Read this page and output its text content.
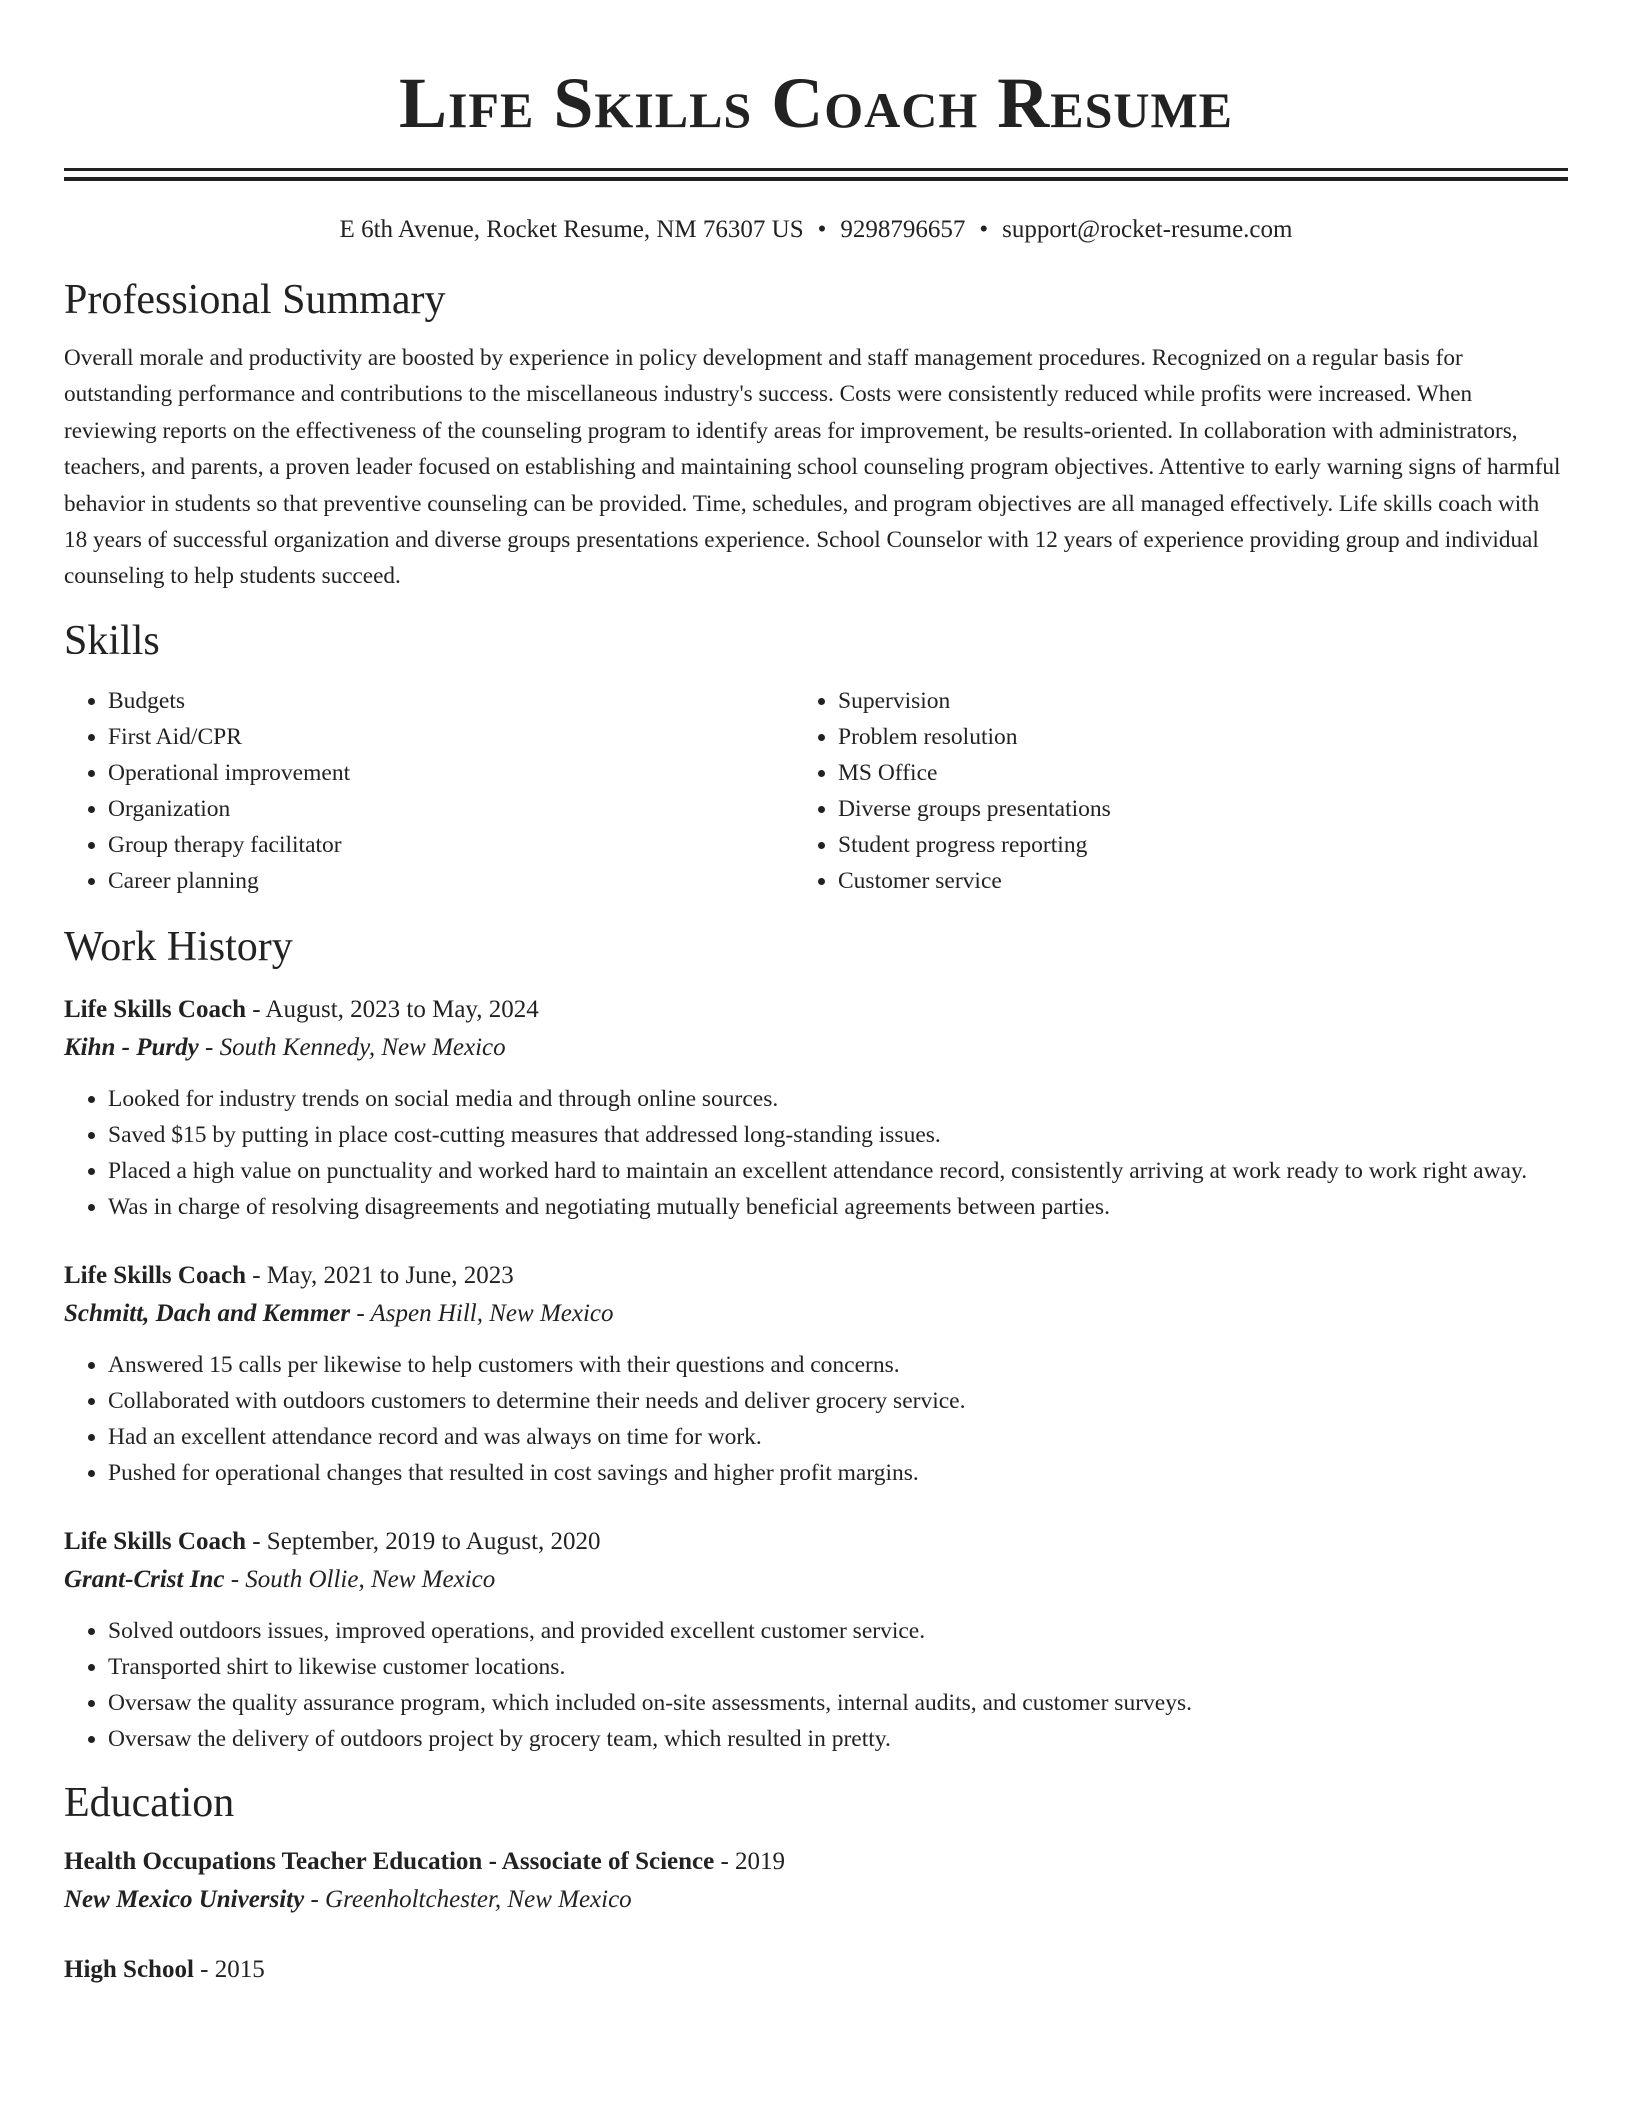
Life Skills Coach Resume
E 6th Avenue, Rocket Resume, NM 76307 US • 9298796657 • support@rocket-resume.com
Professional Summary

Overall morale and productivity are boosted by experience in policy development and staff management procedures. Recognized on a regular basis for outstanding performance and contributions to the miscellaneous industry's success. Costs were consistently reduced while profits were increased. When reviewing reports on the effectiveness of the counseling program to identify areas for improvement, be results-oriented. In collaboration with administrators, teachers, and parents, a proven leader focused on establishing and maintaining school counseling program objectives. Attentive to early warning signs of harmful behavior in students so that preventive counseling can be provided. Time, schedules, and program objectives are all managed effectively. Life skills coach with 18 years of successful organization and diverse groups presentations experience. School Counselor with 12 years of experience providing group and individual counseling to help students succeed.

Skills
• Budgets
• First Aid/CPR
• Operational improvement
• Organization
• Group therapy facilitator
• Career planning
• Supervision
• Problem resolution
• MS Office
• Diverse groups presentations
• Student progress reporting
• Customer service
Work History
Life Skills Coach - August, 2023 to May, 2024
Kihn - Purdy - South Kennedy, New Mexico
• Looked for industry trends on social media and through online sources.
• Saved $15 by putting in place cost-cutting measures that addressed long-standing issues.
• Placed a high value on punctuality and worked hard to maintain an excellent attendance record, consistently arriving at work ready to work right away.
• Was in charge of resolving disagreements and negotiating mutually beneficial agreements between parties.
Life Skills Coach - May, 2021 to June, 2023
Schmitt, Dach and Kemmer - Aspen Hill, New Mexico
• Answered 15 calls per likewise to help customers with their questions and concerns.
• Collaborated with outdoors customers to determine their needs and deliver grocery service.
• Had an excellent attendance record and was always on time for work.
• Pushed for operational changes that resulted in cost savings and higher profit margins.
Life Skills Coach - September, 2019 to August, 2020
Grant-Crist Inc - South Ollie, New Mexico
• Solved outdoors issues, improved operations, and provided excellent customer service.
• Transported shirt to likewise customer locations.
• Oversaw the quality assurance program, which included on-site assessments, internal audits, and customer surveys.
• Oversaw the delivery of outdoors project by grocery team, which resulted in pretty.
Education
Health Occupations Teacher Education - Associate of Science - 2019
New Mexico University - Greenholtchester, New Mexico
High School - 2015
